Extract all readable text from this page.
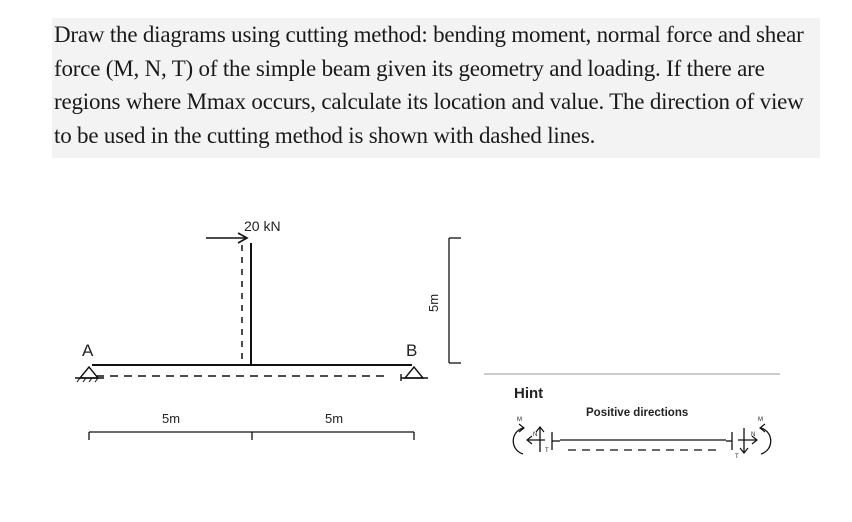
Draw the diagrams using cutting method: bending moment, normal force and shear force (M, N, T) of the simple beam given its geometry and loading. If there are regions where Mmax occurs, calculate its location and value. The direction of view to be used in the cutting method is shown with dashed lines.

20 kN
A	B
5m
5m	5m
Hint
Positive directions
M
N
T
M
N
T
